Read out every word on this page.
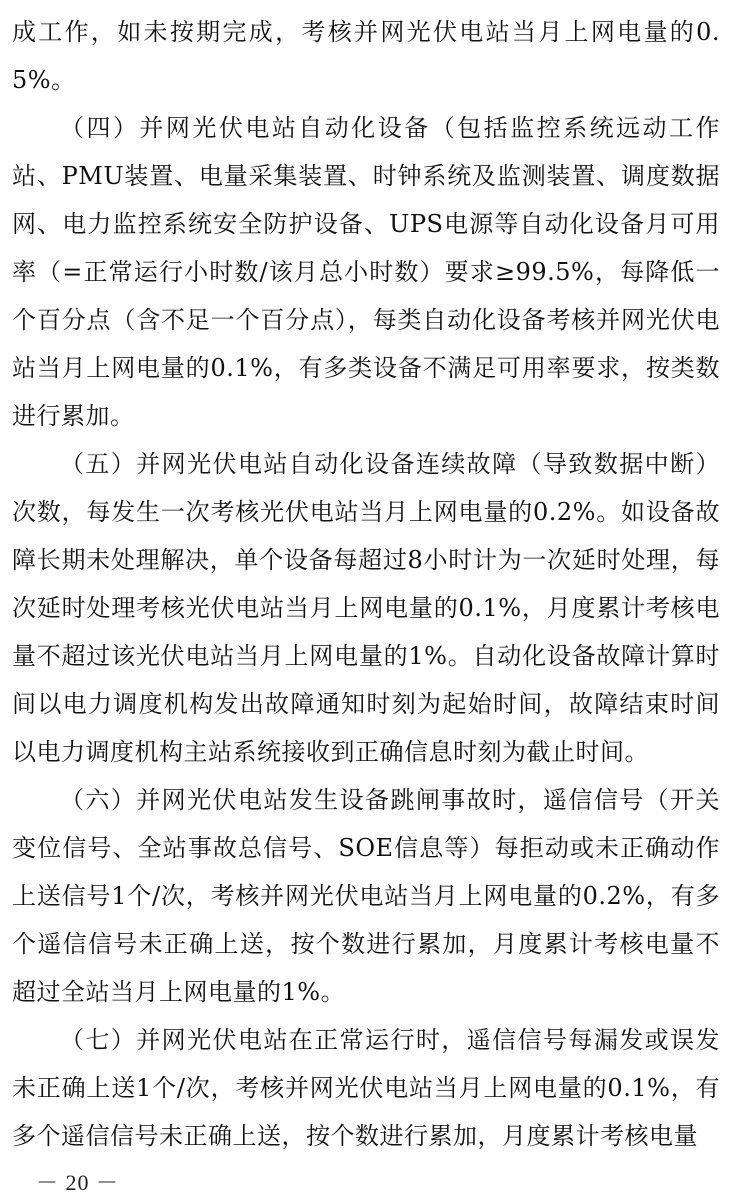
成工作，如未按期完成，考核并网光伏电站当月上网电量的0.5%。

（四）并网光伏电站自动化设备（包括监控系统远动工作站、PMU装置、电量采集装置、时钟系统及监测装置、调度数据网、电力监控系统安全防护设备、UPS电源等自动化设备月可用率（=正常运行小时数/该月总小时数）要求≥99.5%，每降低一个百分点（含不足一个百分点），每类自动化设备考核并网光伏电站当月上网电量的0.1%，有多类设备不满足可用率要求，按类数进行累加。

（五）并网光伏电站自动化设备连续故障（导致数据中断）次数，每发生一次考核光伏电站当月上网电量的0.2%。如设备故障长期未处理解决，单个设备每超过8小时计为一次延时处理，每次延时处理考核光伏电站当月上网电量的0.1%，月度累计考核电量不超过该光伏电站当月上网电量的1%。自动化设备故障计算时间以电力调度机构发出故障通知时刻为起始时间，故障结束时间以电力调度机构主站系统接收到正确信息时刻为截止时间。

（六）并网光伏电站发生设备跳闸事故时，遥信信号（开关变位信号、全站事故总信号、SOE信息等）每拒动或未正确动作上送信号1个/次，考核并网光伏电站当月上网电量的0.2%，有多个遥信信号未正确上送，按个数进行累加，月度累计考核电量不超过全站当月上网电量的1%。

（七）并网光伏电站在正常运行时，遥信信号每漏发或误发未正确上送1个/次，考核并网光伏电站当月上网电量的0.1%，有多个遥信信号未正确上送，按个数进行累加，月度累计考核电量

－ 20 －
